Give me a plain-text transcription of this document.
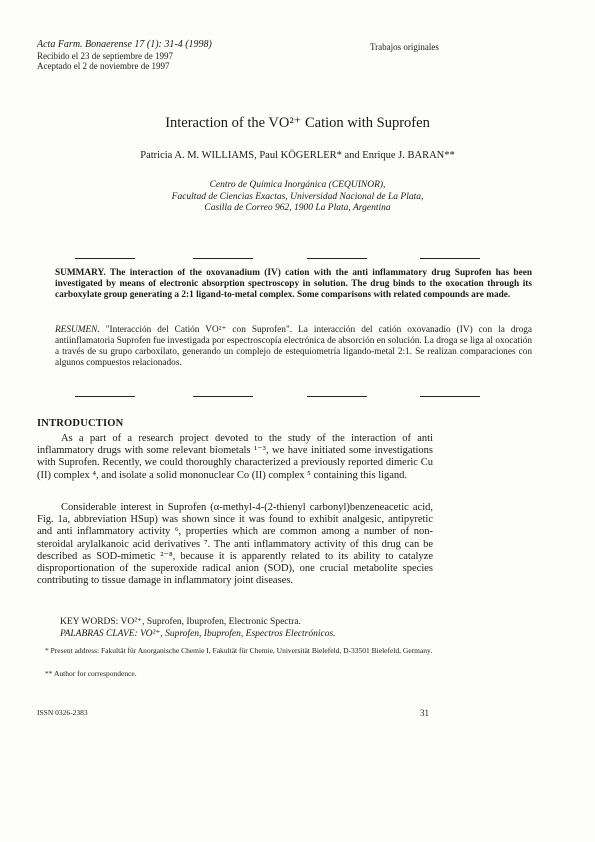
Acta Farm. Bonaerense 17 (1): 31-4 (1998)
Recibido el 23 de septiembre de 1997
Aceptado el 2 de noviembre de 1997
Trabajos originales
Interaction of the VO²⁺ Cation with Suprofen
Patricia A. M. WILLIAMS, Paul KÖGERLER* and Enrique J. BARAN**
Centro de Química Inorgánica (CEQUINOR),
Facultad de Ciencias Exactas, Universidad Nacional de La Plata,
Casilla de Correo 962, 1900 La Plata, Argentina
SUMMARY. The interaction of the oxovanadium (IV) cation with the anti inflammatory drug Suprofen has been investigated by means of electronic absorption spectroscopy in solution. The drug binds to the oxocation through its carboxylate group generating a 2:1 ligand-to-metal complex. Some comparisons with related compounds are made.
RESUMEN. "Interacción del Catión VO²⁺ con Suprofen". La interacción del catión oxovanadio (IV) con la droga antiinflamatoria Suprofen fue investigada por espectroscopía electrónica de absorción en solución. La droga se liga al oxocatión a través de su grupo carboxilato, generando un complejo de estequiometría ligando-metal 2:1. Se realizan comparaciones con algunos compuestos relacionados.
INTRODUCTION
As a part of a research project devoted to the study of the interaction of anti inflammatory drugs with some relevant biometals ¹⁻³, we have initiated some investigations with Suprofen. Recently, we could thoroughly characterized a previously reported dimeric Cu (II) complex ⁴, and isolate a solid mononuclear Co (II) complex ⁵ containing this ligand.
Considerable interest in Suprofen (α-methyl-4-(2-thienyl carbonyl)benzeneacetic acid, Fig. 1a, abbreviation HSup) was shown since it was found to exhibit analgesic, antipyretic and anti inflammatory activity ⁶, properties which are common among a number of non-steroidal arylalkanoic acid derivatives ⁷. The anti inflammatory activity of this drug can be described as SOD-mimetic ²⁻⁸, because it is apparently related to its ability to catalyze disproportionation of the superoxide radical anion (SOD), one crucial metabolite species contributing to tissue damage in inflammatory joint diseases.
KEY WORDS: VO²⁺, Suprofen, Ibuprofen, Electronic Spectra.
PALABRAS CLAVE: VO²⁺, Suprofen, Ibuprofen, Espectros Electrónicos.
* Present address: Fakultät für Anorganische Chemie I, Fakultät für Chemie, Universität Bielefeld, D-33501 Bielefeld, Germany.
** Author for correspondence.
ISSN 0326-2383	31
